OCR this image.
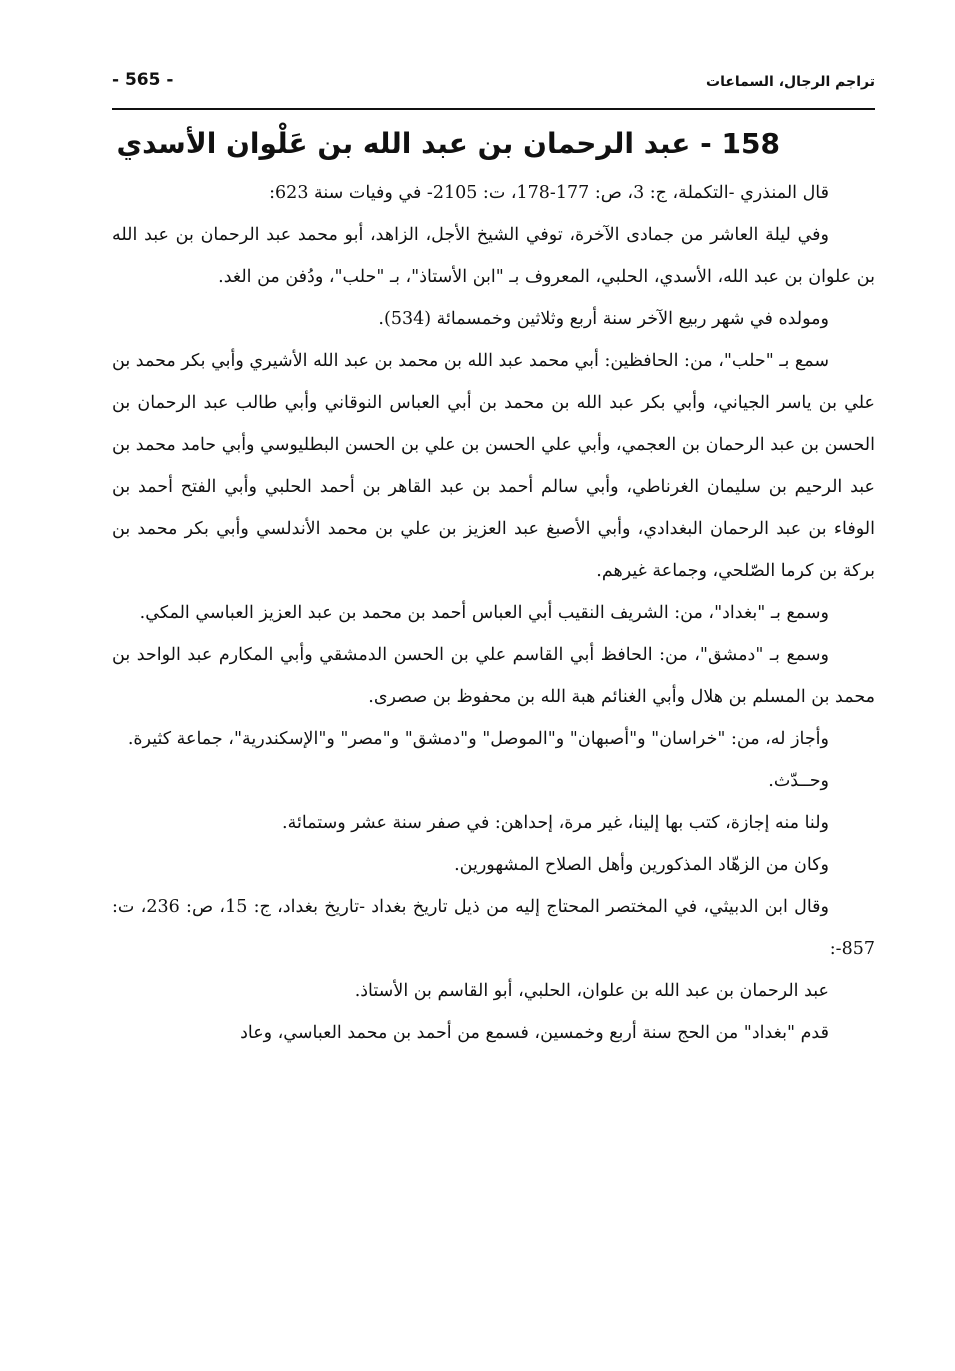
تراجم الرجال، السماعات
- 565 -
158 - عبد الرحمان بن عبد الله بن عَلْوان الأسدي

قال المنذري -التكملة، ج: 3، ص: 177-178، ت: 2105- في وفيات سنة 623:

وفي ليلة العاشر من جمادى الآخرة، توفي الشيخ الأجل، الزاهد، أبو محمد عبد الرحمان بن عبد الله بن علوان بن عبد الله، الأسدي، الحلبي، المعروف بـ "ابن الأستاذ"، بـ "حلب"، ودُفن من الغد.

ومولده في شهر ربيع الآخر سنة أربع وثلاثين وخمسمائة (534).

سمع بـ "حلب"، من: الحافظين: أبي محمد عبد الله بن محمد بن عبد الله الأشيري وأبي بكر محمد بن علي بن ياسر الجياني، وأبي بكر عبد الله بن محمد بن أبي العباس النوقاني وأبي طالب عبد الرحمان بن الحسن بن عبد الرحمان بن العجمي، وأبي علي الحسن بن علي بن الحسن البطليوسي وأبي حامد محمد بن عبد الرحيم بن سليمان الغرناطي، وأبي سالم أحمد بن عبد القاهر بن أحمد الحلبي وأبي الفتح أحمد بن الوفاء بن عبد الرحمان البغدادي، وأبي الأصبغ عبد العزيز بن علي بن محمد الأندلسي وأبي بكر محمد بن بركة بن كرما الصّلحي، وجماعة غيرهم.

وسمع بـ "بغداد"، من: الشريف النقيب أبي العباس أحمد بن محمد بن عبد العزيز العباسي المكي.

وسمع بـ "دمشق"، من: الحافظ أبي القاسم علي بن الحسن الدمشقي وأبي المكارم عبد الواحد بن محمد بن المسلم بن هلال وأبي الغنائم هبة الله بن محفوظ بن صصرى.

وأجاز له، من: "خراسان" و"أصبهان" و"الموصل" و"دمشق" و"مصر" و"الإسكندرية"، جماعة كثيرة.

وحــدّث.

ولنا منه إجازة، كتب بها إلينا، غير مرة، إحداهن: في صفر سنة عشر وستمائة.

وكان من الزهّاد المذكورين وأهل الصلاح المشهورين.

وقال ابن الدبيثي، في المختصر المحتاج إليه من ذيل تاريخ بغداد -تاريخ بغداد، ج: 15، ص: 236، ت: 857-:

عبد الرحمان بن عبد الله بن علوان، الحلبي، أبو القاسم بن الأستاذ.

قدم "بغداد" من الحج سنة أربع وخمسين، فسمع من أحمد بن محمد العباسي، وعاد
